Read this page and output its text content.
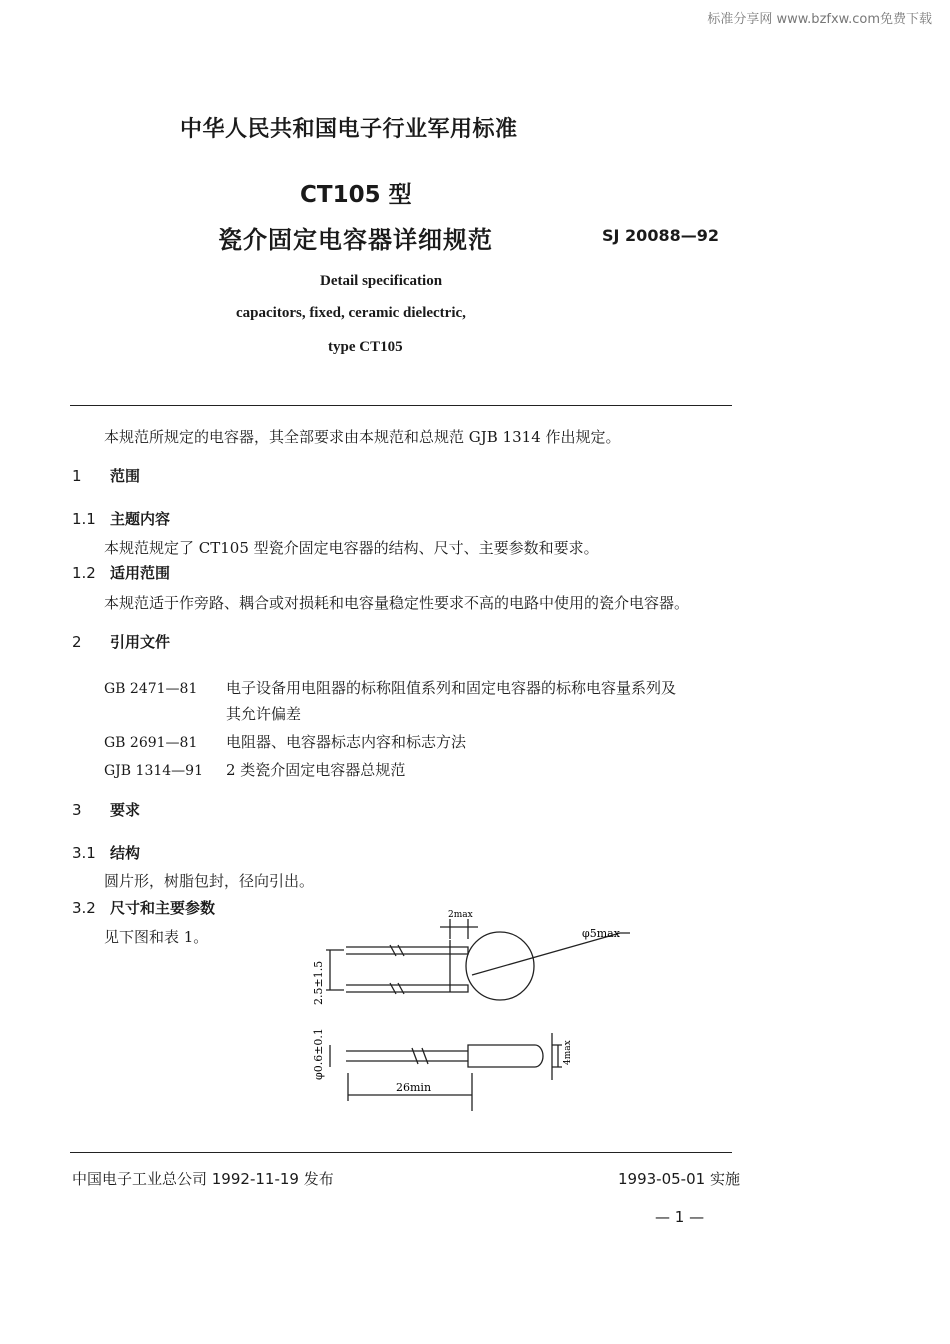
标准分享网 www.bzfxw.com免费下载
中华人民共和国电子行业军用标准
CT105 型
瓷介固定电容器详细规范	SJ 20088—92
Detail specification
capacitors, fixed, ceramic dielectric,
type CT105
本规范所规定的电容器，其全部要求由本规范和总规范 GJB 1314 作出规定。
1 范围
1.1 主题内容
本规范规定了 CT105 型瓷介固定电容器的结构、尺寸、主要参数和要求。
1.2 适用范围
本规范适于作旁路、耦合或对损耗和电容量稳定性要求不高的电路中使用的瓷介电容器。
2 引用文件
GB 2471—81 电子设备用电阻器的标称阻值系列和固定电容器的标称电容量系列及
其允许偏差
GB 2691—81 电阻器、电容器标志内容和标志方法
GJB 1314—91 2 类瓷介固定电容器总规范
3 要求
3.1 结构
圆片形，树脂包封，径向引出。
3.2 尺寸和主要参数
见下图和表 1。
2max
φ5max
2.5±1.5
φ0.6±0.1	4max
26min
中国电子工业总公司 1992-11-19 发布	1993-05-01 实施
— 1 —
